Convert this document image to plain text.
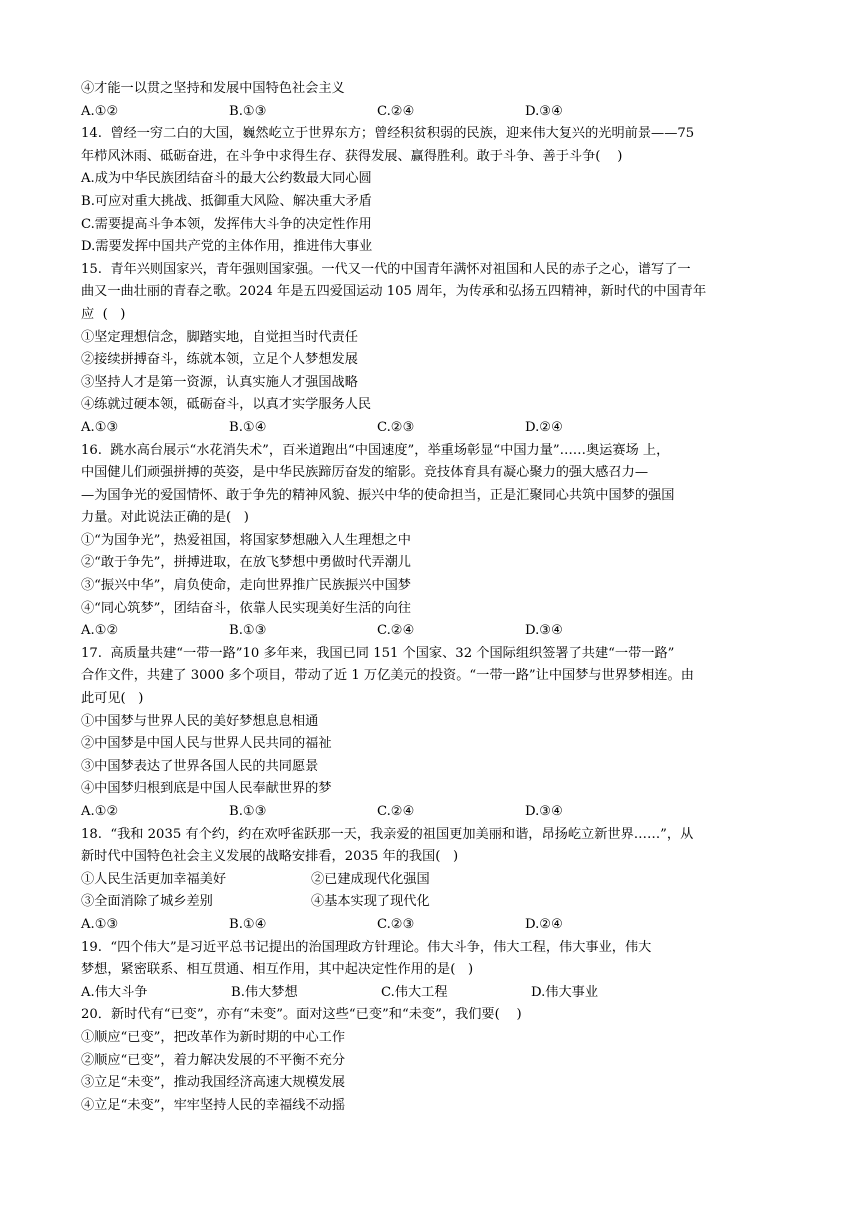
④才能一以贯之坚持和发展中国特色社会主义
A.①②	B.①③	C.②④	D.③④
14.  曾经一穷二白的大国，巍然屹立于世界东方；曾经积贫积弱的民族，迎来伟大复兴的光明前景——75
年栉风沐雨、砥砺奋进，在斗争中求得生存、获得发展、赢得胜利。敢于斗争、善于斗争(    )
A.成为中华民族团结奋斗的最大公约数最大同心圆
B.可应对重大挑战、抵御重大风险、解决重大矛盾
C.需要提高斗争本领，发挥伟大斗争的决定性作用
D.需要发挥中国共产党的主体作用，推进伟大事业
15.  青年兴则国家兴，青年强则国家强。一代又一代的中国青年满怀对祖国和人民的赤子之心，谱写了一
曲又一曲壮丽的青春之歌。2024 年是五四爱国运动 105 周年，为传承和弘扬五四精神，新时代的中国青年
应  (   )
①坚定理想信念，脚踏实地，自觉担当时代责任
②接续拼搏奋斗，练就本领，立足个人梦想发展
③坚持人才是第一资源，认真实施人才强国战略
④练就过硬本领，砥砺奋斗，以真才实学服务人民
A.①③	B.①④	C.②③	D.②④
16.  跳水高台展示“水花消失术”，百米道跑出“中国速度”，举重场彰显“中国力量”……奥运赛场 上，
中国健儿们顽强拼搏的英姿，是中华民族蹄厉奋发的缩影。竞技体育具有凝心聚力的强大感召力—
—为国争光的爱国情怀、敢于争先的精神风貌、振兴中华的使命担当，正是汇聚同心共筑中国梦的强国
力量。对此说法正确的是(   )
①“为国争光”，热爱祖国，将国家梦想融入人生理想之中
②“敢于争先”，拼搏进取，在放飞梦想中勇做时代弄潮儿
③“振兴中华”，肩负使命，走向世界推广民族振兴中国梦
④“同心筑梦”，团结奋斗，依靠人民实现美好生活的向往
A.①②	B.①③	C.②④	D.③④
17.  高质量共建“一带一路”10 多年来，我国已同 151 个国家、32 个国际组织签署了共建“一带一路”
合作文件，共建了 3000 多个项目，带动了近 1 万亿美元的投资。“一带一路”让中国梦与世界梦相连。由
此可见(   )
①中国梦与世界人民的美好梦想息息相通
②中国梦是中国人民与世界人民共同的福祉
③中国梦表达了世界各国人民的共同愿景
④中国梦归根到底是中国人民奉献世界的梦
A.①②	B.①③	C.②④	D.③④
18.  “我和 2035 有个约，约在欢呼雀跃那一天，我亲爱的祖国更加美丽和谐，昂扬屹立新世界……”，从
新时代中国特色社会主义发展的战略安排看，2035 年的我国(   )
①人民生活更加幸福美好	②已建成现代化强国
③全面消除了城乡差别	④基本实现了现代化
A.①③	B.①④	C.②③	D.②④
19.  “四个伟大”是习近平总书记提出的治国理政方针理论。伟大斗争，伟大工程，伟大事业，伟大
梦想，紧密联系、相互贯通、相互作用，其中起决定性作用的是(   )
A.伟大斗争	B.伟大梦想	C.伟大工程	D.伟大事业
20．新时代有“已变”，亦有“未变”。面对这些“已变”和“未变”，我们要(    )
①顺应“已变”，把改革作为新时期的中心工作
②顺应“已变”，着力解决发展的不平衡不充分
③立足“未变”，推动我国经济高速大规模发展
④立足“未变”，牢牢坚持人民的幸福线不动摇
